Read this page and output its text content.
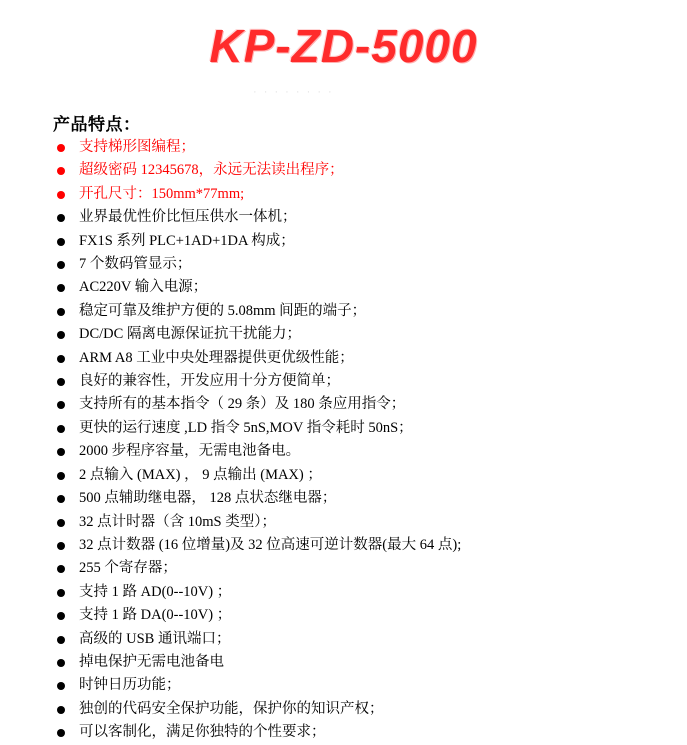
KP-ZD-5000
· · · · · · · ·
产品特点：
支持梯形图编程；
超级密码 12345678，永远无法读出程序；
开孔尺寸：150mm*77mm;
业界最优性价比恒压供水一体机；
FX1S 系列 PLC+1AD+1DA 构成；
7 个数码管显示；
AC220V 输入电源；
稳定可靠及维护方便的 5.08mm 间距的端子；
DC/DC 隔离电源保证抗干扰能力；
ARM A8 工业中央处理器提供更优级性能；
良好的兼容性，开发应用十分方便简单；
支持所有的基本指令（ 29 条）及 180 条应用指令；
更快的运行速度 ,LD 指令 5nS,MOV 指令耗时 50nS；
2000 步程序容量，无需电池备电。
2 点输入 (MAX) ， 9 点输出 (MAX) ；
500 点辅助继电器， 128 点状态继电器；
32 点计时器（含 10mS 类型）；
32 点计数器 (16 位增量)及 32 位高速可逆计数器(最大 64 点);
255 个寄存器；
支持 1 路 AD(0--10V) ；
支持 1 路 DA(0--10V) ；
高级的 USB 通讯端口；
掉电保护无需电池备电
时钟日历功能；
独创的代码安全保护功能，保护你的知识产权；
可以客制化，满足你独特的个性要求；
